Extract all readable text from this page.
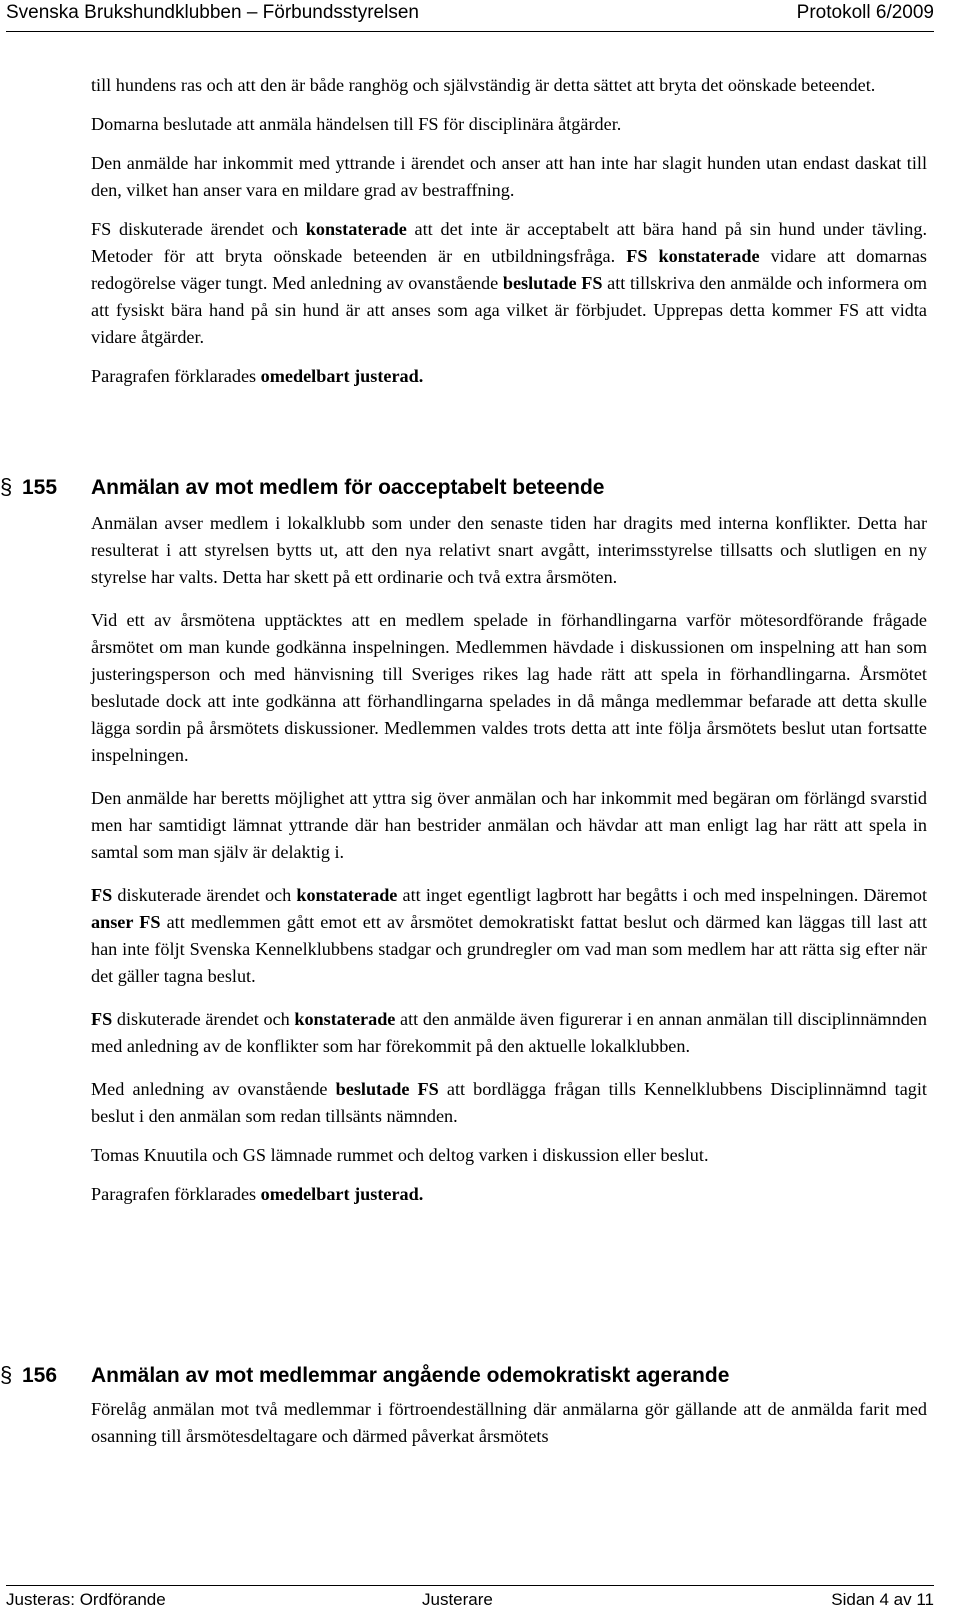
Svenska Brukshundklubben – Förbundsstyrelsen	Protokoll 6/2009

till hundens ras och att den är både ranghög och självständig är detta sättet att bryta det oönskade beteendet.

Domarna beslutade att anmäla händelsen till FS för disciplinära åtgärder.

Den anmälde har inkommit med yttrande i ärendet och anser att han inte har slagit hunden utan endast daskat till den, vilket han anser vara en mildare grad av bestraffning.

FS diskuterade ärendet och konstaterade att det inte är acceptabelt att bära hand på sin hund under tävling. Metoder för att bryta oönskade beteenden är en utbildningsfråga. FS konstaterade vidare att domarnas redogörelse väger tungt. Med anledning av ovanstående beslutade FS att tillskriva den anmälde och informera om att fysiskt bära hand på sin hund är att anses som aga vilket är förbjudet. Upprepas detta kommer FS att vidta vidare åtgärder.

Paragrafen förklarades omedelbart justerad.

§ 155 Anmälan av mot medlem för oacceptabelt beteende

Anmälan avser medlem i lokalklubb som under den senaste tiden har dragits med interna konflikter. Detta har resulterat i att styrelsen bytts ut, att den nya relativt snart avgått, interimsstyrelse tillsatts och slutligen en ny styrelse har valts. Detta har skett på ett ordinarie och två extra årsmöten.

Vid ett av årsmötena upptäcktes att en medlem spelade in förhandlingarna varför mötesordförande frågade årsmötet om man kunde godkänna inspelningen. Medlemmen hävdade i diskussionen om inspelning att han som justeringsperson och med hänvisning till Sveriges rikes lag hade rätt att spela in förhandlingarna. Årsmötet beslutade dock att inte godkänna att förhandlingarna spelades in då många medlemmar befarade att detta skulle lägga sordin på årsmötets diskussioner. Medlemmen valdes trots detta att inte följa årsmötets beslut utan fortsatte inspelningen.

Den anmälde har beretts möjlighet att yttra sig över anmälan och har inkommit med begäran om förlängd svarstid men har samtidigt lämnat yttrande där han bestrider anmälan och hävdar att man enligt lag har rätt att spela in samtal som man själv är delaktig i.

FS diskuterade ärendet och konstaterade att inget egentligt lagbrott har begåtts i och med inspelningen. Däremot anser FS att medlemmen gått emot ett av årsmötet demokratiskt fattat beslut och därmed kan läggas till last att han inte följt Svenska Kennelklubbens stadgar och grundregler om vad man som medlem har att rätta sig efter när det gäller tagna beslut.

FS diskuterade ärendet och konstaterade att den anmälde även figurerar i en annan anmälan till disciplinnämnden med anledning av de konflikter som har förekommit på den aktuelle lokalklubben.

Med anledning av ovanstående beslutade FS att bordlägga frågan tills Kennelklubbens Disciplinnämnd tagit beslut i den anmälan som redan tillsänts nämnden.

Tomas Knuutila och GS lämnade rummet och deltog varken i diskussion eller beslut.

Paragrafen förklarades omedelbart justerad.

§ 156 Anmälan av mot medlemmar angående odemokratiskt agerande

Förelåg anmälan mot två medlemmar i förtroendeställning där anmälarna gör gällande att de anmälda farit med osanning till årsmötesdeltagare och därmed påverkat årsmötets

Justeras: Ordförande	Justerare	Sidan 4 av 11
